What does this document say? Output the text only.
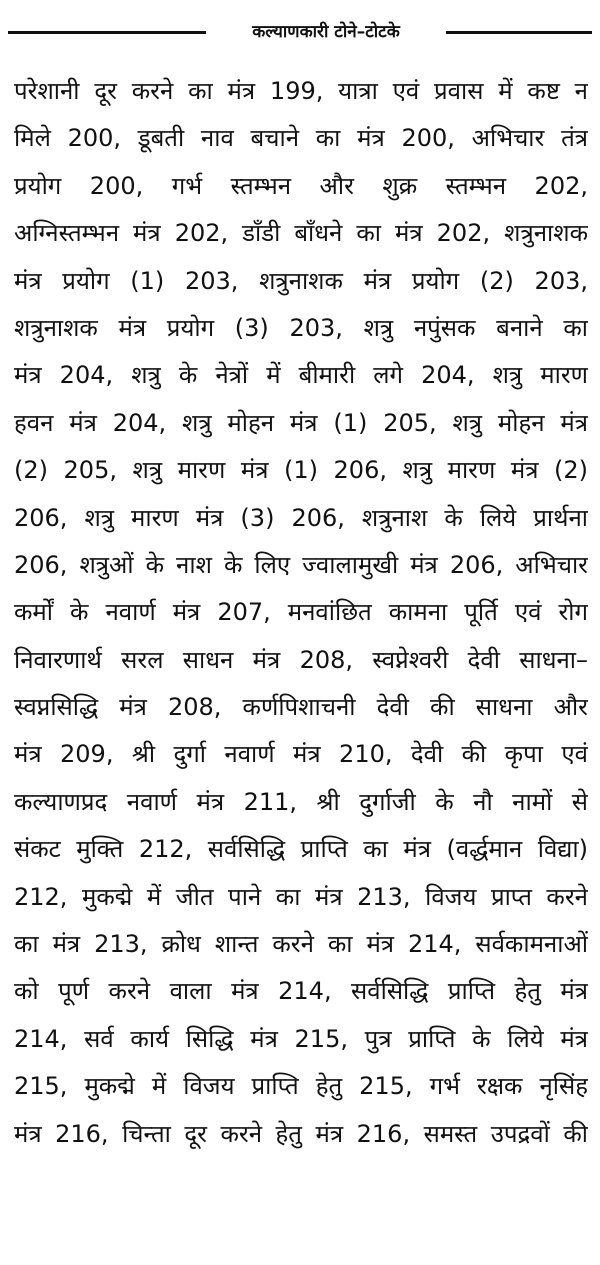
कल्याणकारी टोने–टोटके
परेशानी दूर करने का मंत्र 199, यात्रा एवं प्रवास में कष्ट न
मिले 200, डूबती नाव बचाने का मंत्र 200, अभिचार तंत्र
प्रयोग 200, गर्भ स्तम्भन और शुक्र स्तम्भन 202,
अग्निस्तम्भन मंत्र 202, डाँडी बाँधने का मंत्र 202, शत्रुनाशक
मंत्र प्रयोग (1) 203, शत्रुनाशक मंत्र प्रयोग (2) 203,
शत्रुनाशक मंत्र प्रयोग (3) 203, शत्रु नपुंसक बनाने का
मंत्र 204, शत्रु के नेत्रों में बीमारी लगे 204, शत्रु मारण
हवन मंत्र 204, शत्रु मोहन मंत्र (1) 205, शत्रु मोहन मंत्र
(2) 205, शत्रु मारण मंत्र (1) 206, शत्रु मारण मंत्र (2)
206, शत्रु मारण मंत्र (3) 206, शत्रुनाश के लिये प्रार्थना
206, शत्रुओं के नाश के लिए ज्वालामुखी मंत्र 206, अभिचार
कर्मों के नवार्ण मंत्र 207, मनवांछित कामना पूर्ति एवं रोग
निवारणार्थ सरल साधन मंत्र 208, स्वप्नेश्वरी देवी साधना–
स्वप्नसिद्धि मंत्र 208, कर्णपिशाचनी देवी की साधना और
मंत्र 209, श्री दुर्गा नवार्ण मंत्र 210, देवी की कृपा एवं
कल्याणप्रद नवार्ण मंत्र 211, श्री दुर्गाजी के नौ नामों से
संकट मुक्ति 212, सर्वसिद्धि प्राप्ति का मंत्र (वर्द्धमान विद्या)
212, मुकद्मे में जीत पाने का मंत्र 213, विजय प्राप्त करने
का मंत्र 213, क्रोध शान्त करने का मंत्र 214, सर्वकामनाओं
को पूर्ण करने वाला मंत्र 214, सर्वसिद्धि प्राप्ति हेतु मंत्र
214, सर्व कार्य सिद्धि मंत्र 215, पुत्र प्राप्ति के लिये मंत्र
215, मुकद्मे में विजय प्राप्ति हेतु 215, गर्भ रक्षक नृसिंह
मंत्र 216, चिन्ता दूर करने हेतु मंत्र 216, समस्त उपद्रवों की
